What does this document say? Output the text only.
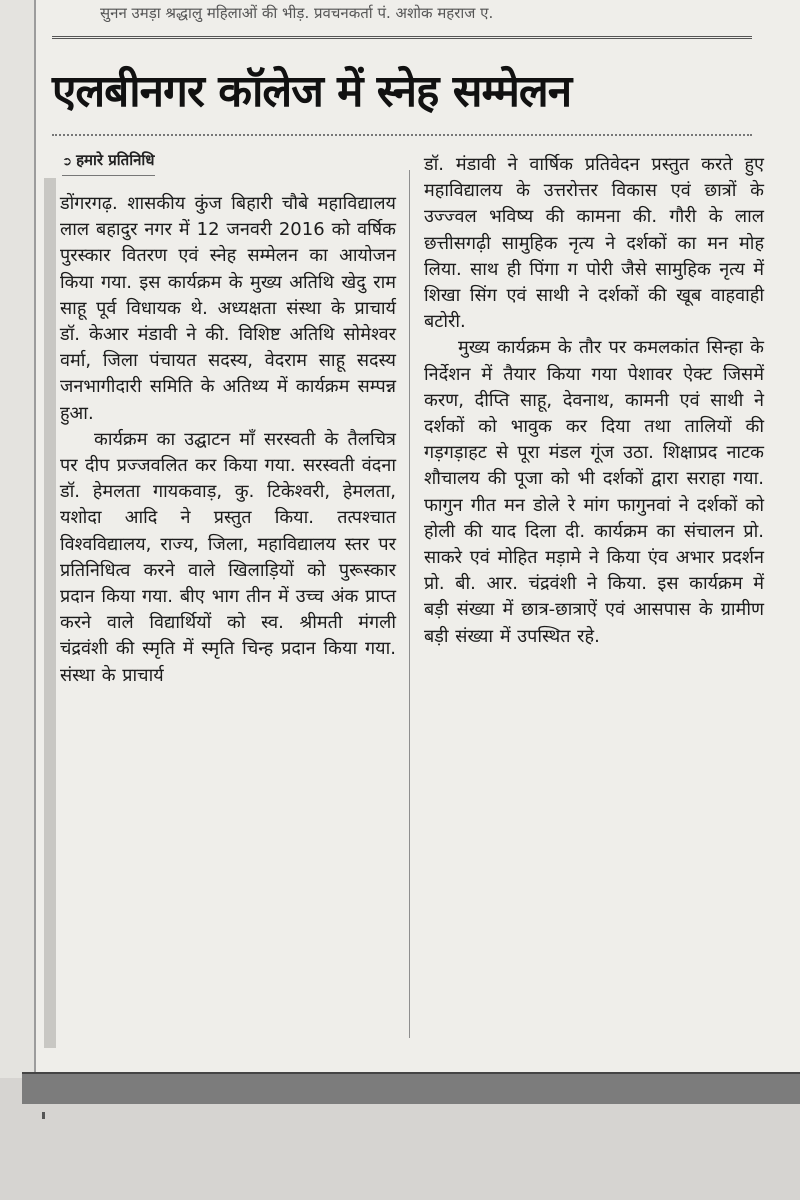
सुनन उमड़ा श्रद्धालु महिलाओं की भीड़. प्रवचनकर्ता पं. अशोक महराज ए.
एलबीनगर कॉलेज में स्नेह सम्मेलन
➲ हमारे प्रतिनिधि

डोंगरगढ़. शासकीय कुंज बिहारी चौबे महाविद्यालय लाल बहादुर नगर में 12 जनवरी 2016 को वर्षिक पुरस्कार वितरण एवं स्नेह सम्मेलन का आयोजन किया गया. इस कार्यक्रम के मुख्य अतिथि खेदु राम साहू पूर्व विधायक थे. अध्यक्षता संस्था के प्राचार्य डॉ. केआर मंडावी ने की. विशिष्ट अतिथि सोमेश्वर वर्मा, जिला पंचायत सदस्य, वेदराम साहू सदस्य जनभागीदारी समिति के अतिथ्य में कार्यक्रम सम्पन्न हुआ.

कार्यक्रम का उद्घाटन माँ सरस्वती के तैलचित्र पर दीप प्रज्जवलित कर किया गया. सरस्वती वंदना डॉ. हेमलता गायकवाड़, कु. टिकेश्वरी, हेमलता, यशोदा आदि ने प्रस्तुत किया. तत्पश्चात विश्वविद्यालय, राज्य, जिला, महाविद्यालय स्तर पर प्रतिनिधित्व करने वाले खिलाड़ियों को पुरूस्कार प्रदान किया गया. बीए भाग तीन में उच्च अंक प्राप्त करने वाले विद्यार्थियों को स्व. श्रीमती मंगली चंद्रवंशी की स्मृति में स्मृति चिन्ह प्रदान किया गया. संस्था के प्राचार्य

डॉ. मंडावी ने वार्षिक प्रतिवेदन प्रस्तुत करते हुए महाविद्यालय के उत्तरोत्तर विकास एवं छात्रों के उज्ज्वल भविष्य की कामना की. गौरी के लाल छत्तीसगढ़ी सामुहिक नृत्य ने दर्शकों का मन मोह लिया. साथ ही पिंगा ग पोरी जैसे सामुहिक नृत्य में शिखा सिंग एवं साथी ने दर्शकों की खूब वाहवाही बटोरी.

मुख्य कार्यक्रम के तौर पर कमलकांत सिन्हा के निर्देशन में तैयार किया गया पेशावर ऐक्ट जिसमें करण, दीप्ति साहू, देवनाथ, कामनी एवं साथी ने दर्शकों को भावुक कर दिया तथा तालियों की गड़गड़ाहट से पूरा मंडल गूंज उठा. शिक्षाप्रद नाटक शौचालय की पूजा को भी दर्शकों द्वारा सराहा गया. फागुन गीत मन डोले रे मांग फागुनवां ने दर्शकों को होली की याद दिला दी. कार्यक्रम का संचालन प्रो. साकरे एवं मोहित मड़ामे ने किया एंव अभार प्रदर्शन प्रो. बी. आर. चंद्रवंशी ने किया. इस कार्यक्रम में बड़ी संख्या में छात्र-छात्राऐं एवं आसपास के ग्रामीण बड़ी संख्या में उपस्थित रहे.
